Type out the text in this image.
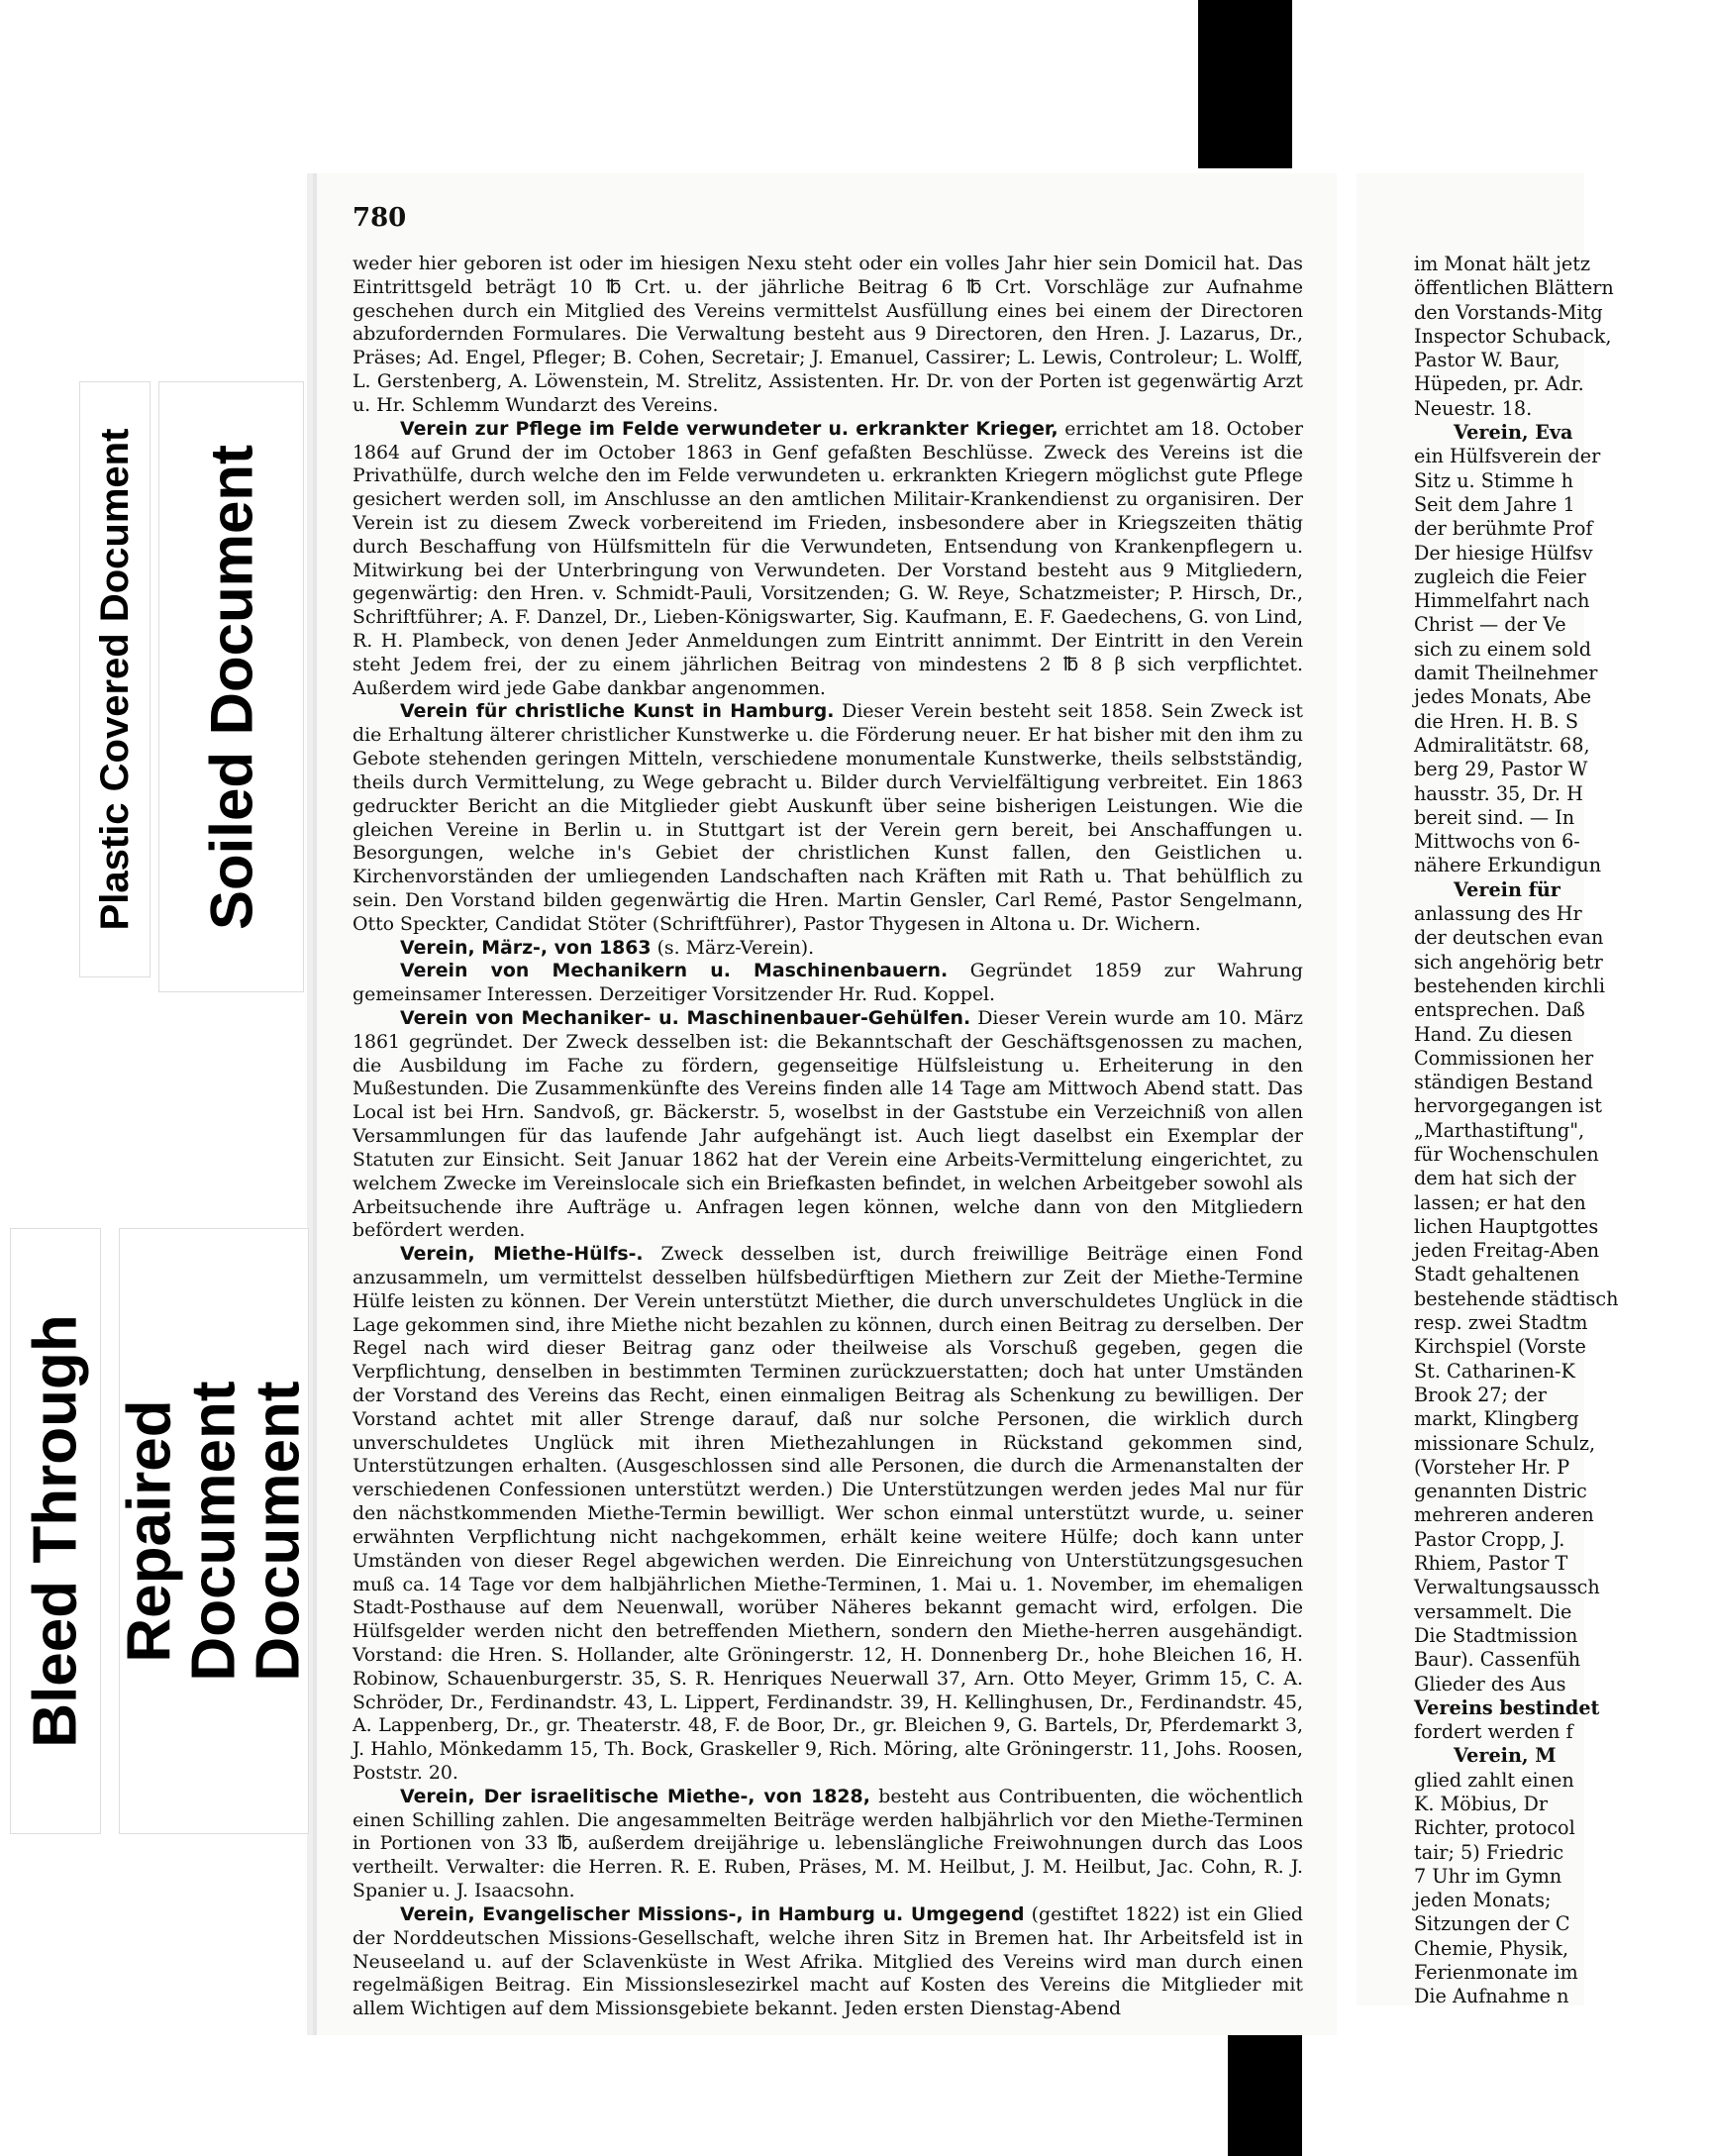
780

weder hier geboren ist oder im hiesigen Nexu steht oder ein volles Jahr hier sein Domicil hat. Das Eintrittsgeld beträgt 10 ℔ Crt. u. der jährliche Beitrag 6 ℔ Crt. Vorschläge zur Aufnahme geschehen durch ein Mitglied des Vereins vermittelst Ausfüllung eines bei einem der Directoren abzufordernden Formulares. Die Verwaltung besteht aus 9 Directoren, den Hren. J. Lazarus, Dr., Präses; Ad. Engel, Pfleger; B. Cohen, Secretair; J. Emanuel, Cassirer; L. Lewis, Controleur; L. Wolff, L. Gerstenberg, A. Löwenstein, M. Strelitz, Assistenten. Hr. Dr. von der Porten ist gegenwärtig Arzt u. Hr. Schlemm Wundarzt des Vereins.

Verein zur Pflege im Felde verwundeter u. erkrankter Krieger, errichtet am 18. October 1864 auf Grund der im October 1863 in Genf gefaßten Beschlüsse. Zweck des Vereins ist die Privathülfe, durch welche den im Felde verwundeten u. erkrankten Kriegern möglichst gute Pflege gesichert werden soll, im Anschlusse an den amtlichen Militair-Krankendienst zu organisiren. Der Verein ist zu diesem Zweck vorbereitend im Frieden, insbesondere aber in Kriegszeiten thätig durch Beschaffung von Hülfsmitteln für die Verwundeten, Entsendung von Krankenpflegern u. Mitwirkung bei der Unterbringung von Verwundeten. Der Vorstand besteht aus 9 Mitgliedern, gegenwärtig: den Hren. v. Schmidt-Pauli, Vorsitzenden; G. W. Reye, Schatzmeister; P. Hirsch, Dr., Schriftführer; A. F. Danzel, Dr., Lieben-Königswarter, Sig. Kaufmann, E. F. Gaedechens, G. von Lind, R. H. Plambeck, von denen Jeder Anmeldungen zum Eintritt annimmt. Der Eintritt in den Verein steht Jedem frei, der zu einem jährlichen Beitrag von mindestens 2 ℔ 8 β sich verpflichtet. Außerdem wird jede Gabe dankbar angenommen.

Verein für christliche Kunst in Hamburg. Dieser Verein besteht seit 1858. Sein Zweck ist die Erhaltung älterer christlicher Kunstwerke u. die Förderung neuer. Er hat bisher mit den ihm zu Gebote stehenden geringen Mitteln, verschiedene monumentale Kunstwerke, theils selbstständig, theils durch Vermittelung, zu Wege gebracht u. Bilder durch Vervielfältigung verbreitet. Ein 1863 gedruckter Bericht an die Mitglieder giebt Auskunft über seine bisherigen Leistungen. Wie die gleichen Vereine in Berlin u. in Stuttgart ist der Verein gern bereit, bei Anschaffungen u. Besorgungen, welche in's Gebiet der christlichen Kunst fallen, den Geistlichen u. Kirchenvorständen der umliegenden Landschaften nach Kräften mit Rath u. That behülflich zu sein. Den Vorstand bilden gegenwärtig die Hren. Martin Gensler, Carl Remé, Pastor Sengelmann, Otto Speckter, Candidat Stöter (Schriftführer), Pastor Thygesen in Altona u. Dr. Wichern.

Verein, März-, von 1863 (s. März-Verein).

Verein von Mechanikern u. Maschinenbauern. Gegründet 1859 zur Wahrung gemeinsamer Interessen. Derzeitiger Vorsitzender Hr. Rud. Koppel.

Verein von Mechaniker- u. Maschinenbauer-Gehülfen. Dieser Verein wurde am 10. März 1861 gegründet. Der Zweck desselben ist: die Bekanntschaft der Geschäftsgenossen zu machen, die Ausbildung im Fache zu fördern, gegenseitige Hülfsleistung u. Erheiterung in den Mußestunden. Die Zusammenkünfte des Vereins finden alle 14 Tage am Mittwoch Abend statt. Das Local ist bei Hrn. Sandvoß, gr. Bäckerstr. 5, woselbst in der Gaststube ein Verzeichniß von allen Versammlungen für das laufende Jahr aufgehängt ist. Auch liegt daselbst ein Exemplar der Statuten zur Einsicht. Seit Januar 1862 hat der Verein eine Arbeits-Vermittelung eingerichtet, zu welchem Zwecke im Vereinslocale sich ein Briefkasten befindet, in welchen Arbeitgeber sowohl als Arbeitsuchende ihre Aufträge u. Anfragen legen können, welche dann von den Mitgliedern befördert werden.

Verein, Miethe-Hülfs-. Zweck desselben ist, durch freiwillige Beiträge einen Fond anzusammeln, um vermittelst desselben hülfsbedürftigen Miethern zur Zeit der Miethe-Termine Hülfe leisten zu können. Der Verein unterstützt Miether, die durch unverschuldetes Unglück in die Lage gekommen sind, ihre Miethe nicht bezahlen zu können, durch einen Beitrag zu derselben. Der Regel nach wird dieser Beitrag ganz oder theilweise als Vorschuß gegeben, gegen die Verpflichtung, denselben in bestimmten Terminen zurückzuerstatten; doch hat unter Umständen der Vorstand des Vereins das Recht, einen einmaligen Beitrag als Schenkung zu bewilligen. Der Vorstand achtet mit aller Strenge darauf, daß nur solche Personen, die wirklich durch unverschuldetes Unglück mit ihren Miethezahlungen in Rückstand gekommen sind, Unterstützungen erhalten. (Ausgeschlossen sind alle Personen, die durch die Armenanstalten der verschiedenen Confessionen unterstützt werden.) Die Unterstützungen werden jedes Mal nur für den nächstkommenden Miethe-Termin bewilligt. Wer schon einmal unterstützt wurde, u. seiner erwähnten Verpflichtung nicht nachgekommen, erhält keine weitere Hülfe; doch kann unter Umständen von dieser Regel abgewichen werden. Die Einreichung von Unterstützungsgesuchen muß ca. 14 Tage vor dem halbjährlichen Miethe-Terminen, 1. Mai u. 1. November, im ehemaligen Stadt-Posthause auf dem Neuenwall, worüber Näheres bekannt gemacht wird, erfolgen. Die Hülfsgelder werden nicht den betreffenden Miethern, sondern den Miethe-herren ausgehändigt. Vorstand: die Hren. S. Hollander, alte Gröningerstr. 12, H. Donnenberg Dr., hohe Bleichen 16, H. Robinow, Schauenburgerstr. 35, S. R. Henriques Neuerwall 37, Arn. Otto Meyer, Grimm 15, C. A. Schröder, Dr., Ferdinandstr. 43, L. Lippert, Ferdinandstr. 39, H. Kellinghusen, Dr., Ferdinandstr. 45, A. Lappenberg, Dr., gr. Theaterstr. 48, F. de Boor, Dr., gr. Bleichen 9, G. Bartels, Dr, Pferdemarkt 3, J. Hahlo, Mönkedamm 15, Th. Bock, Graskeller 9, Rich. Möring, alte Gröningerstr. 11, Johs. Roosen, Poststr. 20.

Verein, Der israelitische Miethe-, von 1828, besteht aus Contribuenten, die wöchentlich einen Schilling zahlen. Die angesammelten Beiträge werden halbjährlich vor den Miethe-Terminen in Portionen von 33 ℔, außerdem dreijährige u. lebenslängliche Freiwohnungen durch das Loos vertheilt. Verwalter: die Herren. R. E. Ruben, Präses, M. M. Heilbut, J. M. Heilbut, Jac. Cohn, R. J. Spanier u. J. Isaacsohn.

Verein, Evangelischer Missions-, in Hamburg u. Umgegend (gestiftet 1822) ist ein Glied der Norddeutschen Missions-Gesellschaft, welche ihren Sitz in Bremen hat. Ihr Arbeitsfeld ist in Neuseeland u. auf der Sclavenküste in West Afrika. Mitglied des Vereins wird man durch einen regelmäßigen Beitrag. Ein Missionslesezirkel macht auf Kosten des Vereins die Mitglieder mit allem Wichtigen auf dem Missionsgebiete bekannt. Jeden ersten Dienstag-Abend

im Monat hält jetz
öffentlichen Blättern
den Vorstands-Mitg
Inspector Schuback,
Pastor W. Baur,
Hüpeden, pr. Adr.
Neuestr. 18.
Verein, Eva
ein Hülfsverein der
Sitz u. Stimme h
Seit dem Jahre 1
der berühmte Prof
Der hiesige Hülfsv
zugleich die Feier
Himmelfahrt nach
Christ — der Ve
sich zu einem sold
damit Theilnehmer
jedes Monats, Abe
die Hren. H. B. S
Admiralitätstr. 68,
berg 29, Pastor W
hausstr. 35, Dr. H
bereit sind. — In
Mittwochs von 6-
nähere Erkundigun
Verein für
anlassung des Hr
der deutschen evan
sich angehörig betr
bestehenden kirchli
entsprechen. Daß
Hand. Zu diesen
Commissionen her
ständigen Bestand
hervorgegangen ist
„Marthastiftung",
für Wochenschulen
dem hat sich der
lassen; er hat den
lichen Hauptgottes
jeden Freitag-Aben
Stadt gehaltenen
bestehende städtisch
resp. zwei Stadtm
Kirchspiel (Vorste
St. Catharinen-K
Brook 27; der
markt, Klingberg
missionare Schulz,
(Vorsteher Hr. P
genannten Distric
mehreren anderen
Pastor Cropp, J.
Rhiem, Pastor T
Verwaltungsaussch
versammelt. Die
Die Stadtmission
Baur). Cassenfüh
Glieder des Aus
Vereins bestindet
fordert werden f
Verein, M
glied zahlt einen
K. Möbius, Dr
Richter, protocol
tair; 5) Friedric
7 Uhr im Gymn
jeden Monats;
Sitzungen der C
Chemie, Physik,
Ferienmonate im
Die Aufnahme n
Plastic Covered Document Soiled Document
Bleed Through Repaired
Document
Document
